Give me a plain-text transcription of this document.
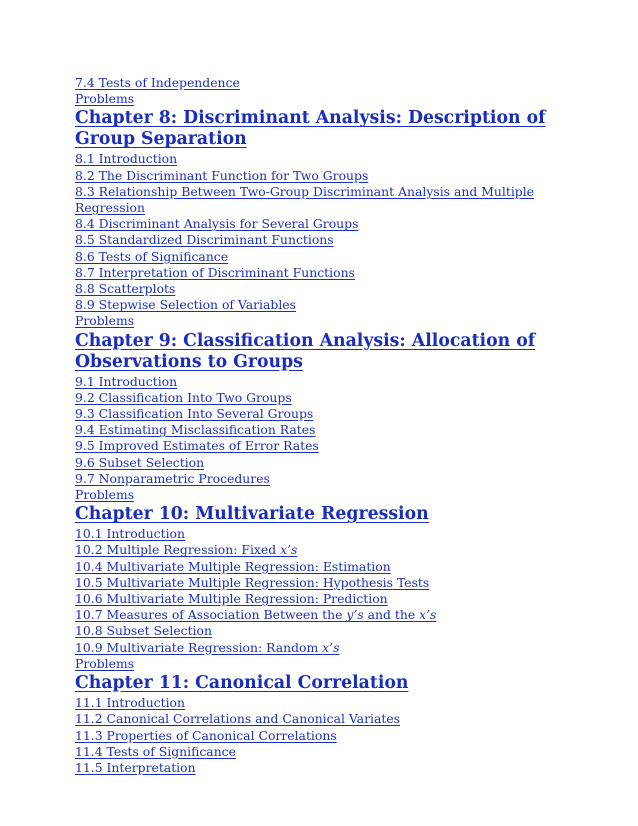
7.4 Tests of Independence
Problems
Chapter 8: Discriminant Analysis: Description of Group Separation
8.1 Introduction
8.2 The Discriminant Function for Two Groups
8.3 Relationship Between Two-Group Discriminant Analysis and Multiple Regression
8.4 Discriminant Analysis for Several Groups
8.5 Standardized Discriminant Functions
8.6 Tests of Significance
8.7 Interpretation of Discriminant Functions
8.8 Scatterplots
8.9 Stepwise Selection of Variables
Problems
Chapter 9: Classification Analysis: Allocation of Observations to Groups
9.1 Introduction
9.2 Classification Into Two Groups
9.3 Classification Into Several Groups
9.4 Estimating Misclassification Rates
9.5 Improved Estimates of Error Rates
9.6 Subset Selection
9.7 Nonparametric Procedures
Problems
Chapter 10: Multivariate Regression
10.1 Introduction
10.2 Multiple Regression: Fixed x’s
10.4 Multivariate Multiple Regression: Estimation
10.5 Multivariate Multiple Regression: Hypothesis Tests
10.6 Multivariate Multiple Regression: Prediction
10.7 Measures of Association Between the y’s and the x’s
10.8 Subset Selection
10.9 Multivariate Regression: Random x’s
Problems
Chapter 11: Canonical Correlation
11.1 Introduction
11.2 Canonical Correlations and Canonical Variates
11.3 Properties of Canonical Correlations
11.4 Tests of Significance
11.5 Interpretation
